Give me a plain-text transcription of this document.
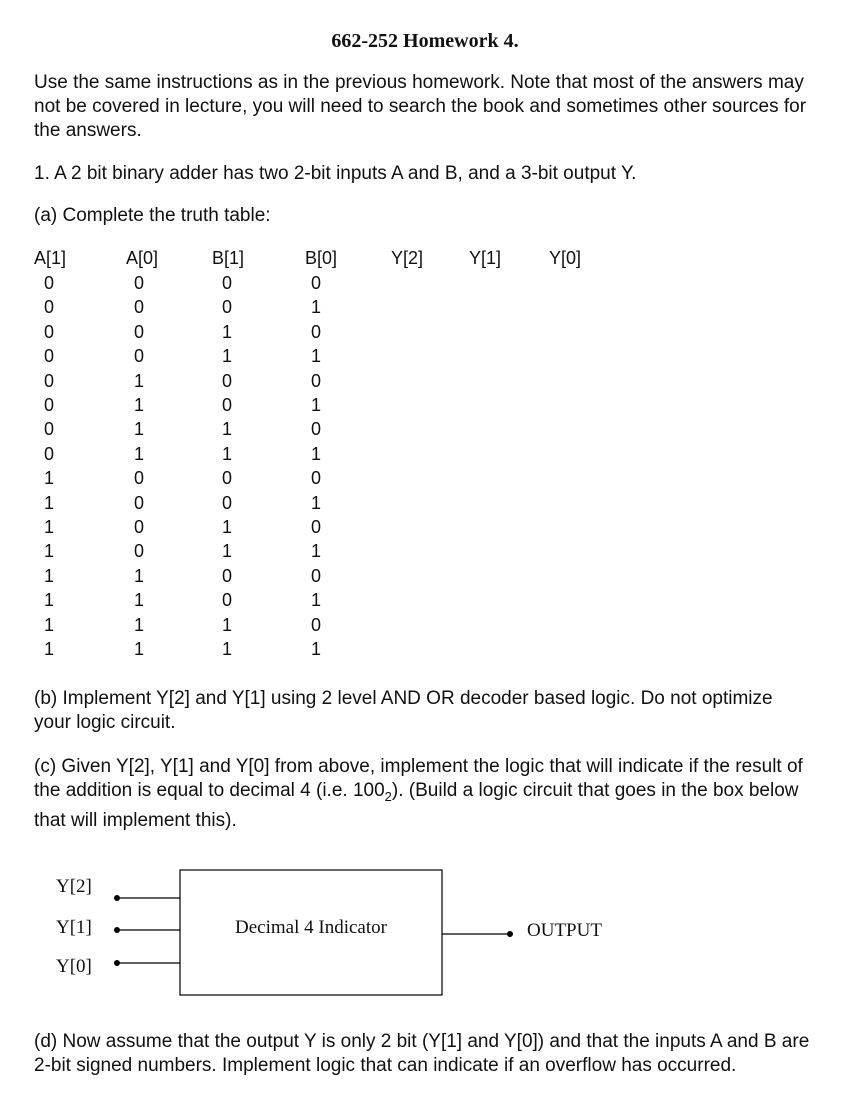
662-252 Homework 4.

Use the same instructions as in the previous homework. Note that most of the answers may not be covered in lecture, you will need to search the book and sometimes other sources for the answers.

1. A 2 bit binary adder has two 2-bit inputs A and B, and a 3-bit output Y.

(a) Complete the truth table:

A[1]	A[0]	B[1]	B[0]	Y[2]	Y[1]	Y[0]
0	0	0	0			
0	0	0	1			
0	0	1	0			
0	0	1	1			
0	1	0	0			
0	1	0	1			
0	1	1	0			
0	1	1	1			
1	0	0	0			
1	0	0	1			
1	0	1	0			
1	0	1	1			
1	1	0	0			
1	1	0	1			
1	1	1	0			
1	1	1	1			

(b) Implement Y[2] and Y[1] using 2 level AND OR decoder based logic. Do not optimize your logic circuit.

(c) Given Y[2], Y[1] and Y[0] from above, implement the logic that will indicate if the result of the addition is equal to decimal 4 (i.e. $100_2$). (Build a logic circuit that goes in the box below that will implement this).

Y[2]
Y[1]
Y[0]
Decimal 4 Indicator	OUTPUT

(d) Now assume that the output Y is only 2 bit (Y[1] and Y[0]) and that the inputs A and B are 2-bit signed numbers. Implement logic that can indicate if an overflow has occurred.
